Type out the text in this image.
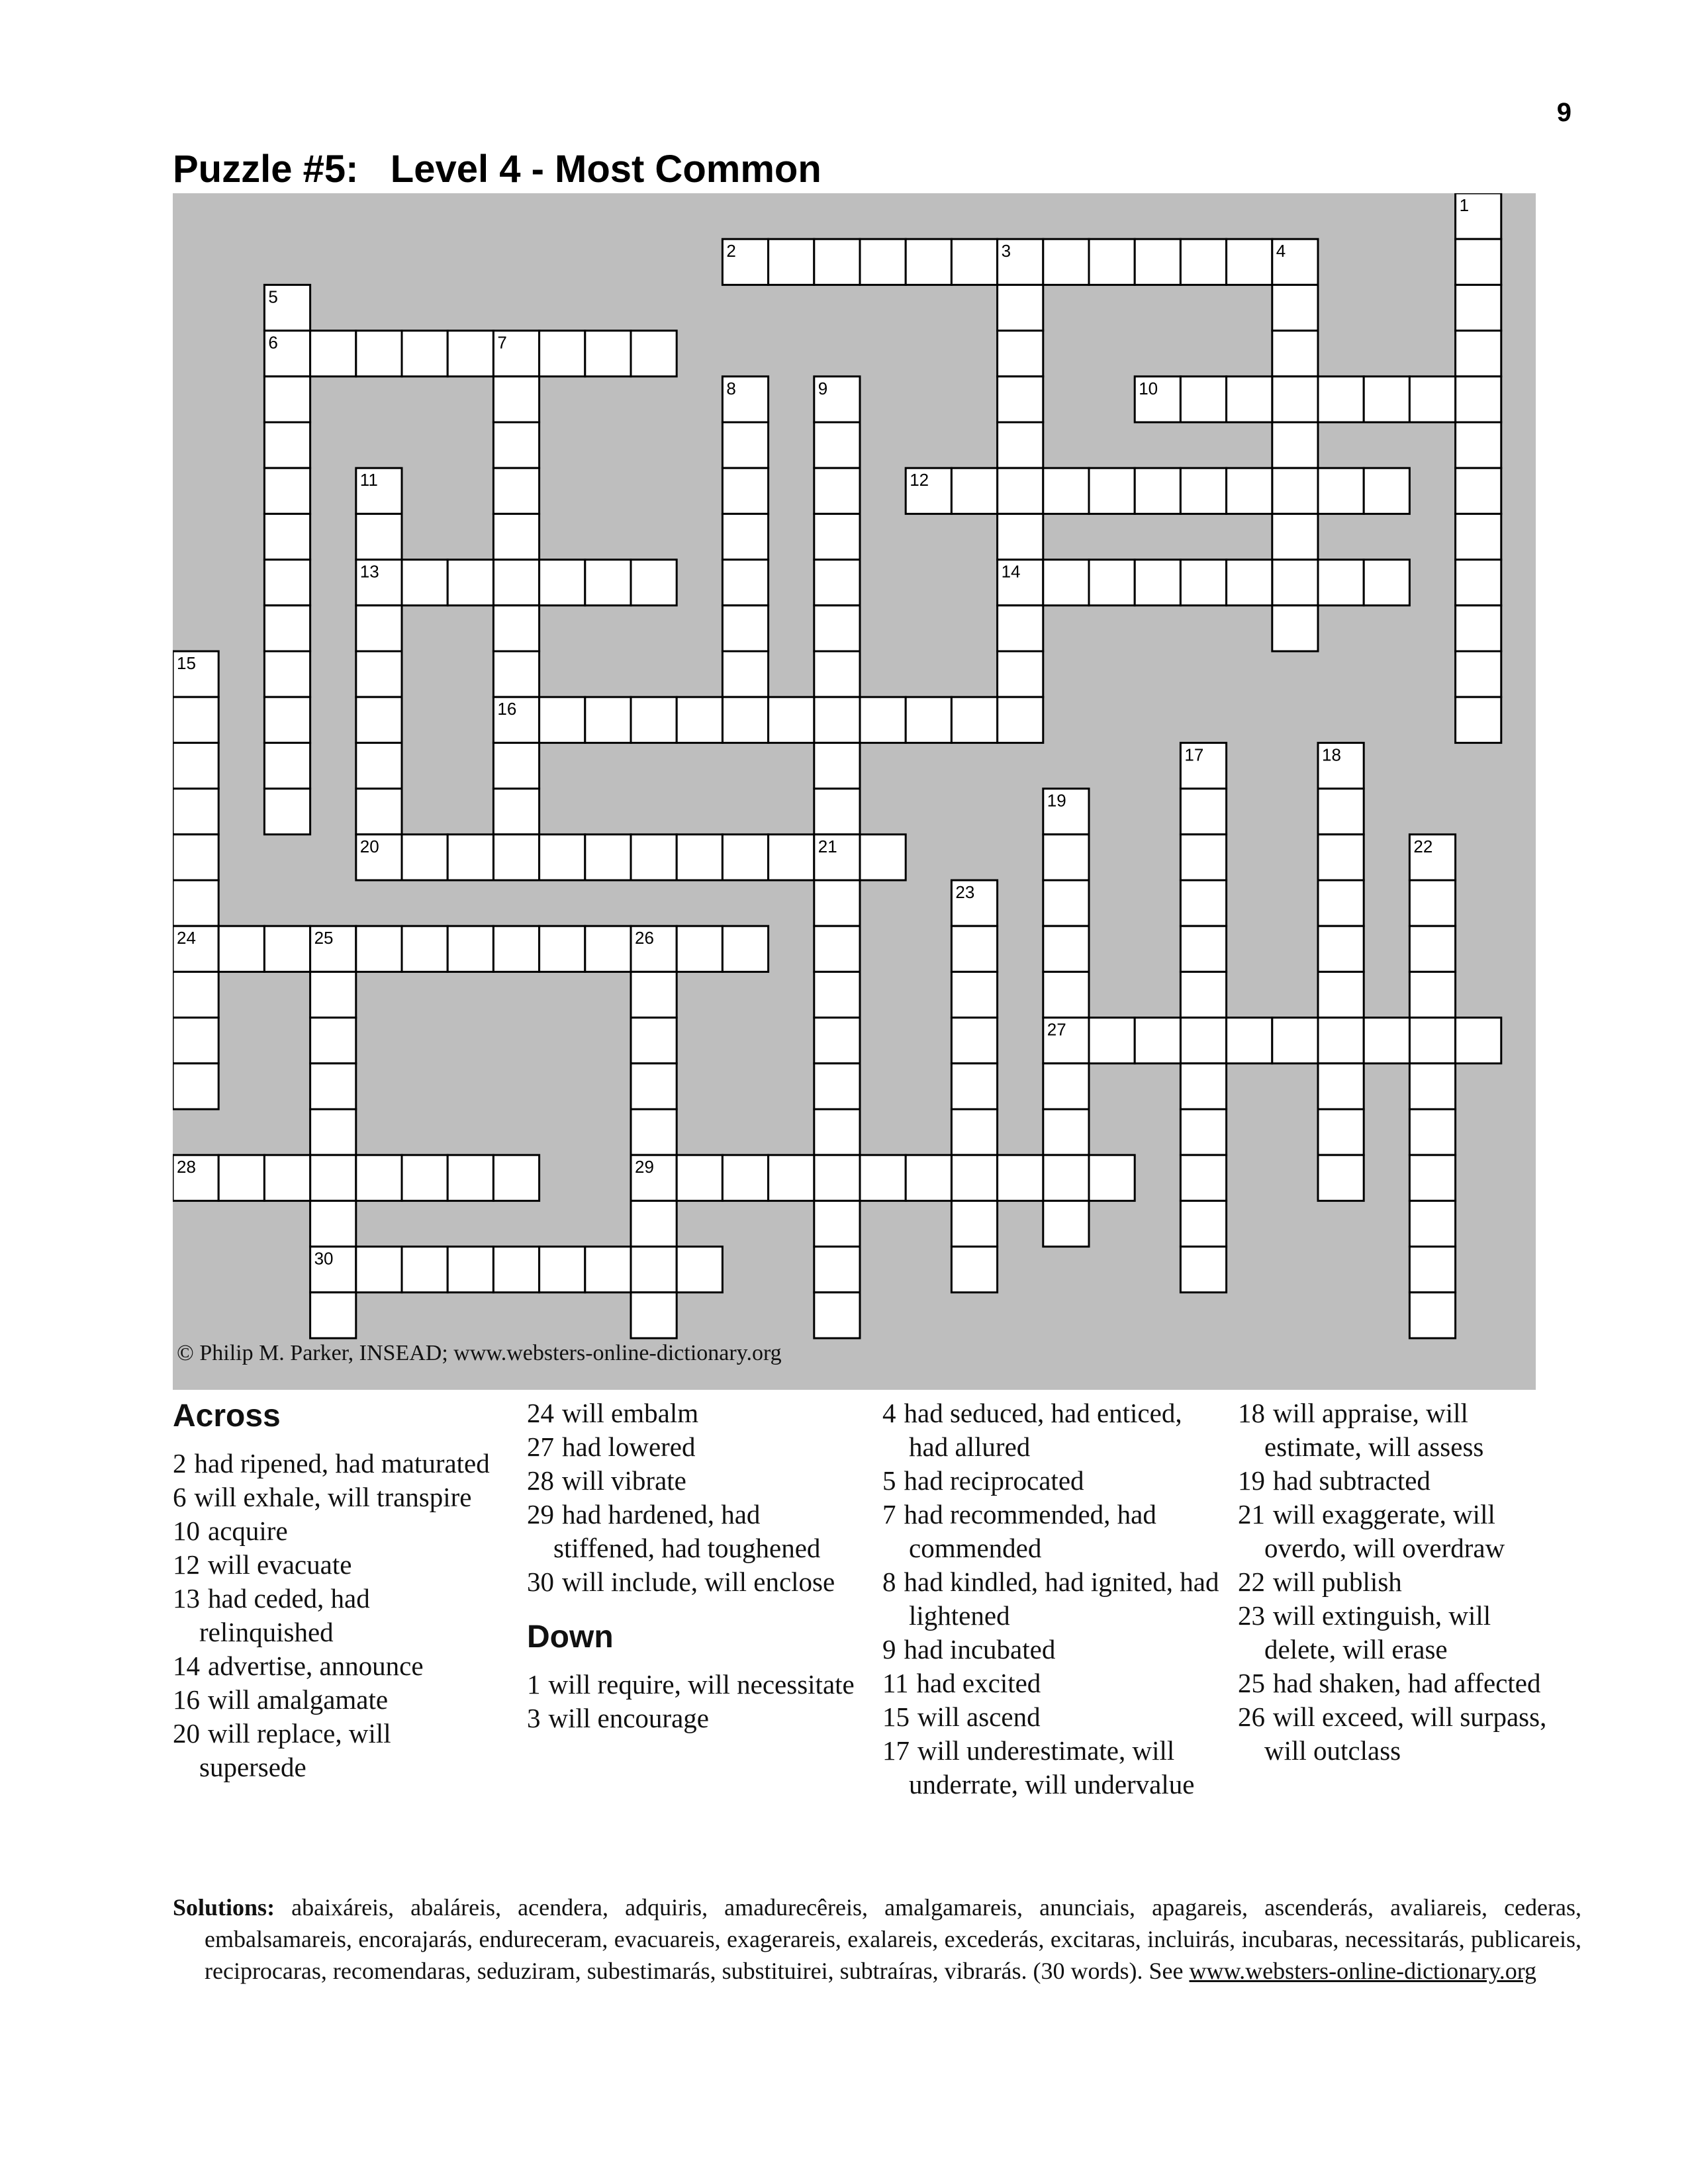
9
Puzzle #5:   Level 4 - Most Common
1
2	3	4
5
6	7
8	9	10
11	12
13	14
15
16
17	18
19
20	21	22
23
24	25	26
27
28	29
30
© Philip M. Parker, INSEAD; www.websters-online-dictionary.org
Across

2 had ripened, had maturated

6 will exhale, will transpire

10 acquire

12 will evacuate

13 had ceded, had relinquished

14 advertise, announce

16 will amalgamate

20 will replace, will supersede

24 will embalm

27 had lowered

28 will vibrate

29 had hardened, had stiffened, had toughened

30 will include, will enclose

Down

1 will require, will necessitate

3 will encourage

4 had seduced, had enticed, had allured

5 had reciprocated

7 had recommended, had commended

8 had kindled, had ignited, had lightened

9 had incubated

11 had excited

15 will ascend

17 will underestimate, will underrate, will undervalue

18 will appraise, will estimate, will assess

19 had subtracted

21 will exaggerate, will overdo, will overdraw

22 will publish

23 will extinguish, will delete, will erase

25 had shaken, had affected

26 will exceed, will surpass, will outclass

Solutions: abaixáreis, abaláreis, acendera, adquiris, amadurecêreis, amalgamareis, anunciais, apagareis, ascenderás, avaliareis, cederas, embalsamareis, encorajarás, endureceram, evacuareis, exagerareis, exalareis, excederás, excitaras, incluirás, incubaras, necessitarás, publicareis, reciprocaras, recomendaras, seduziram, subestimarás, substituirei, subtraíras, vibrarás. (30 words). See www.websters-online-dictionary.org
